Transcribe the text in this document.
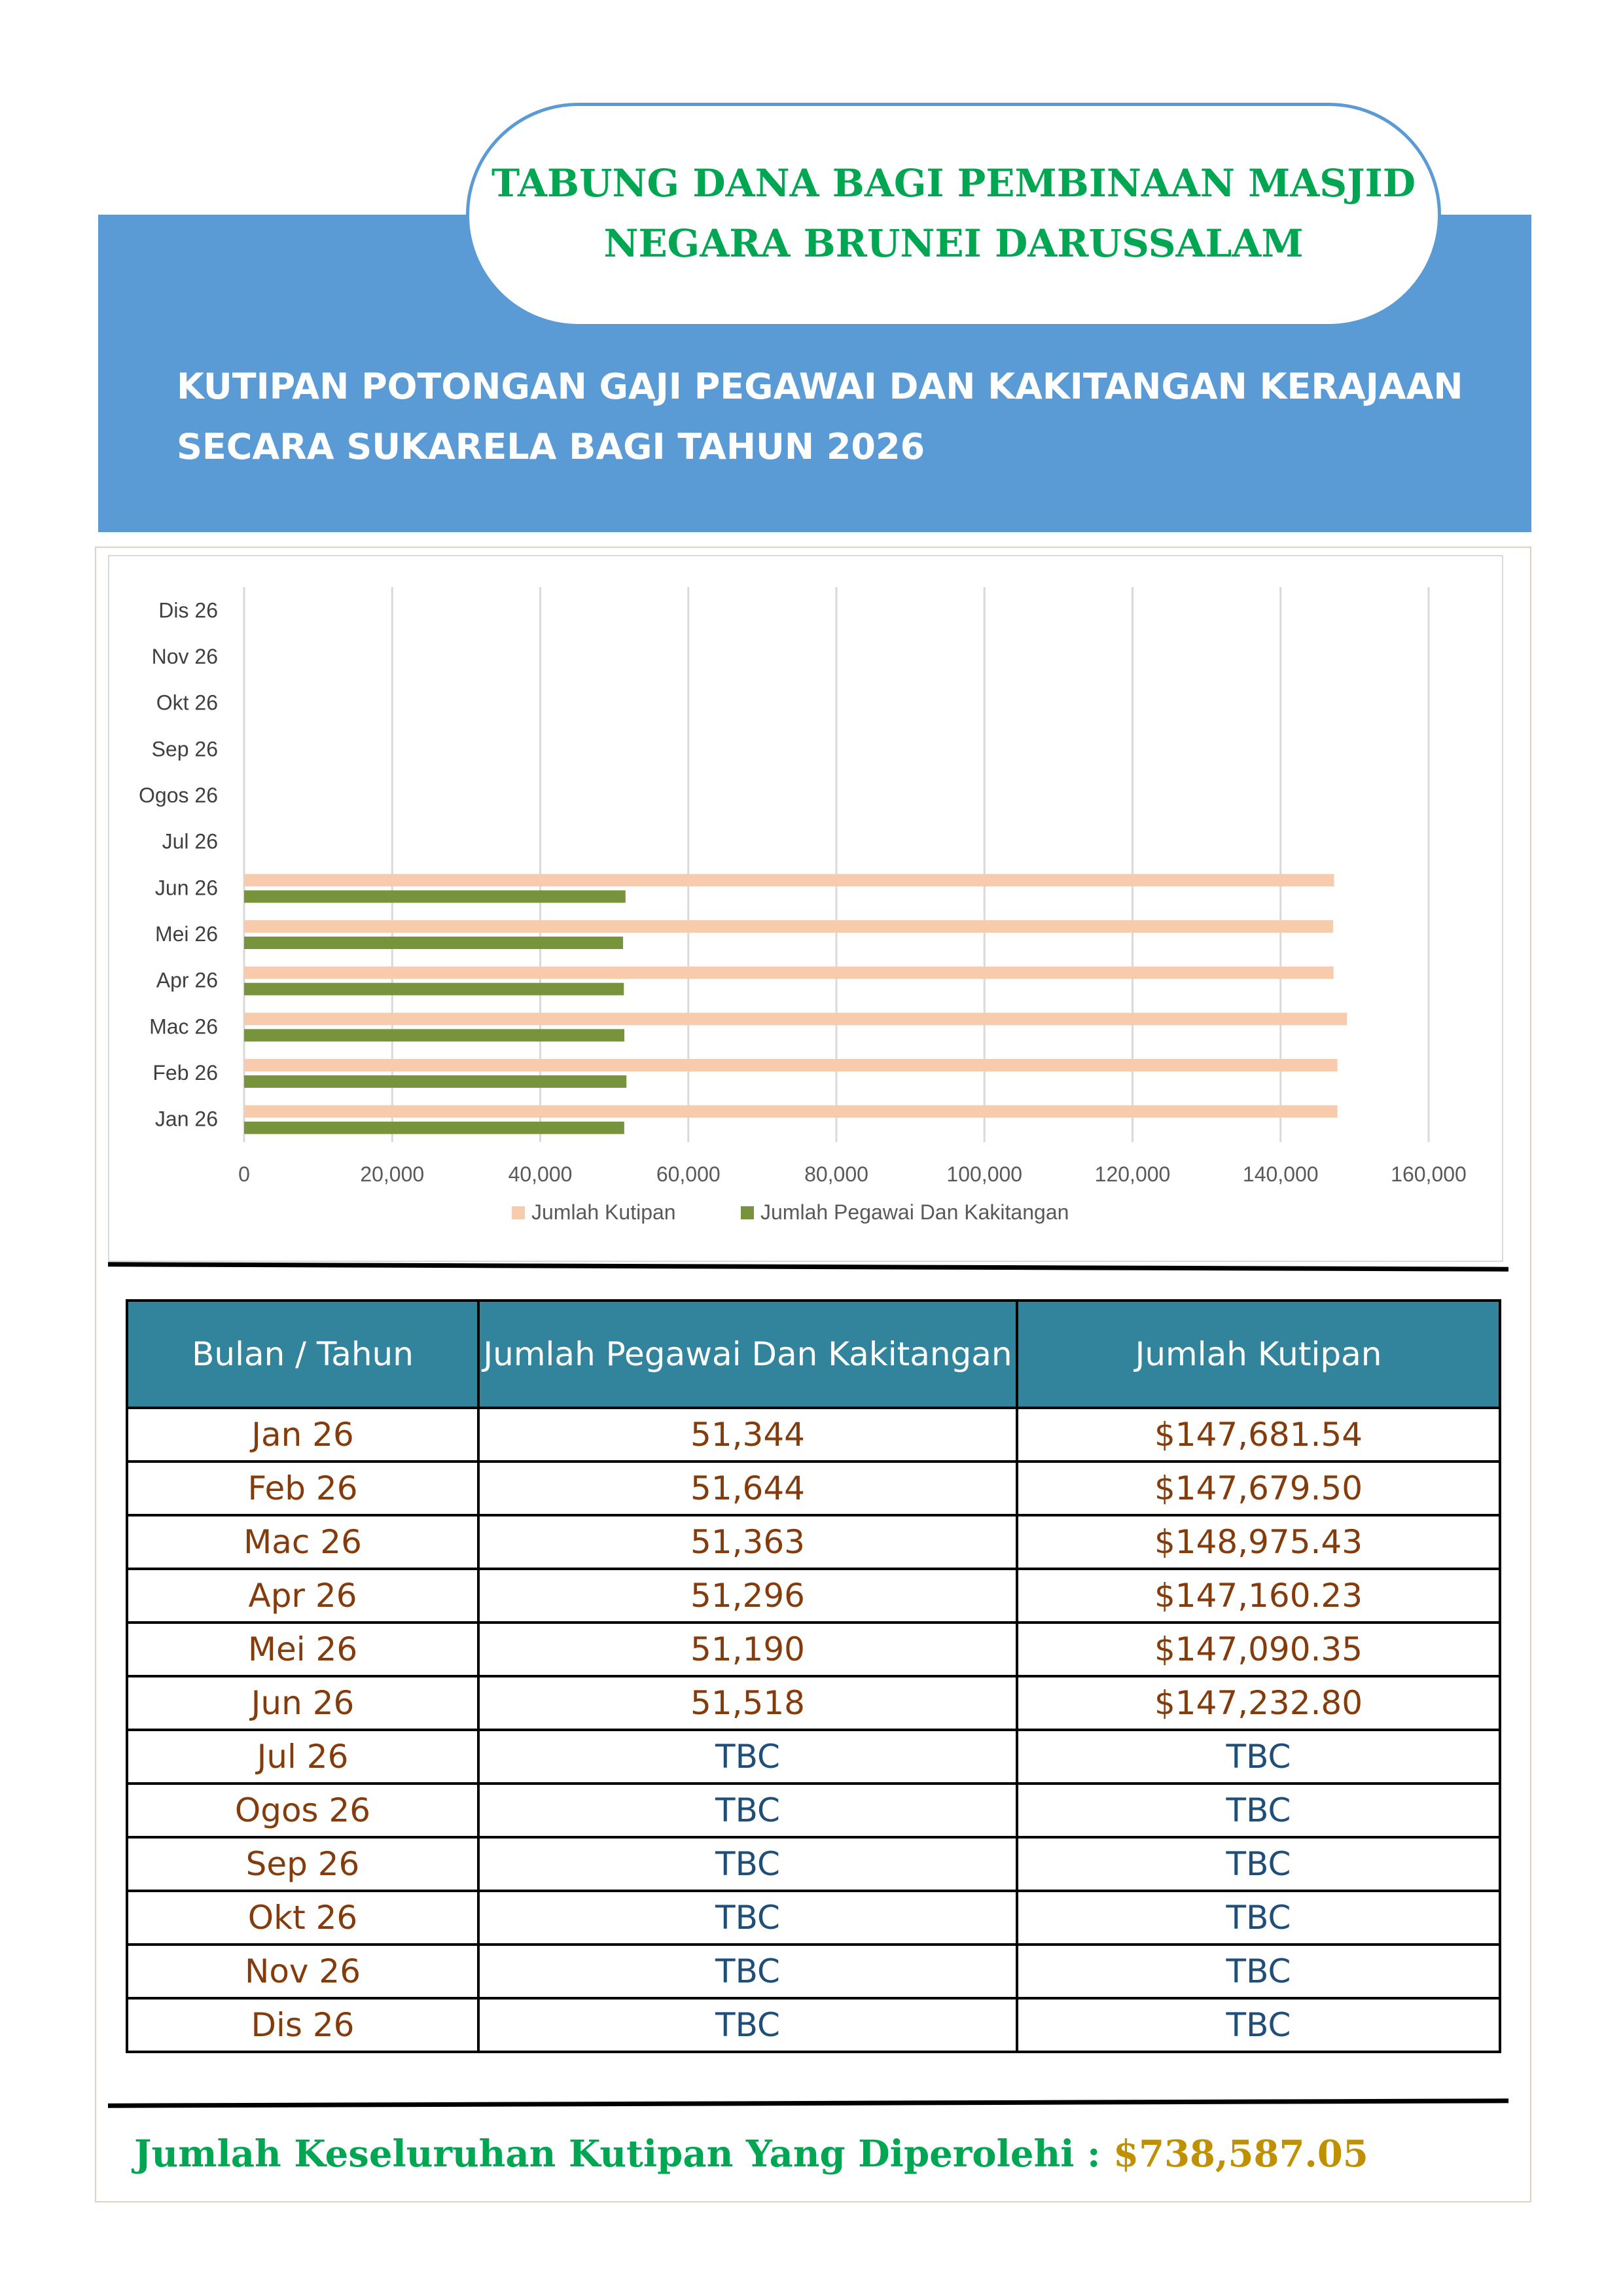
TABUNG DANA BAGI PEMBINAAN MASJID
NEGARA BRUNEI DARUSSALAM
KUTIPAN POTONGAN GAJI PEGAWAI DAN KAKITANGAN KERAJAAN
SECARA SUKARELA BAGI TAHUN 2026
0	20,000	40,000	60,000	80,000	100,000	120,000	140,000	160,000
Jan 26
Feb 26
Mac 26
Apr 26
Mei 26
Jun 26
Jul 26
Ogos 26
Sep 26
Okt 26
Nov 26
Dis 26
Jumlah Kutipan	Jumlah Pegawai Dan Kakitangan
Bulan / Tahun	Jumlah Pegawai Dan Kakitangan	Jumlah Kutipan
Jan 26	51,344	$147,681.54
Feb 26	51,644	$147,679.50
Mac 26	51,363	$148,975.43
Apr 26	51,296	$147,160.23
Mei 26	51,190	$147,090.35
Jun 26	51,518	$147,232.80
Jul 26	TBC	TBC
Ogos 26	TBC	TBC
Sep 26	TBC	TBC
Okt 26	TBC	TBC
Nov 26	TBC	TBC
Dis 26	TBC	TBC
Jumlah Keseluruhan Kutipan Yang Diperolehi : $738,587.05
